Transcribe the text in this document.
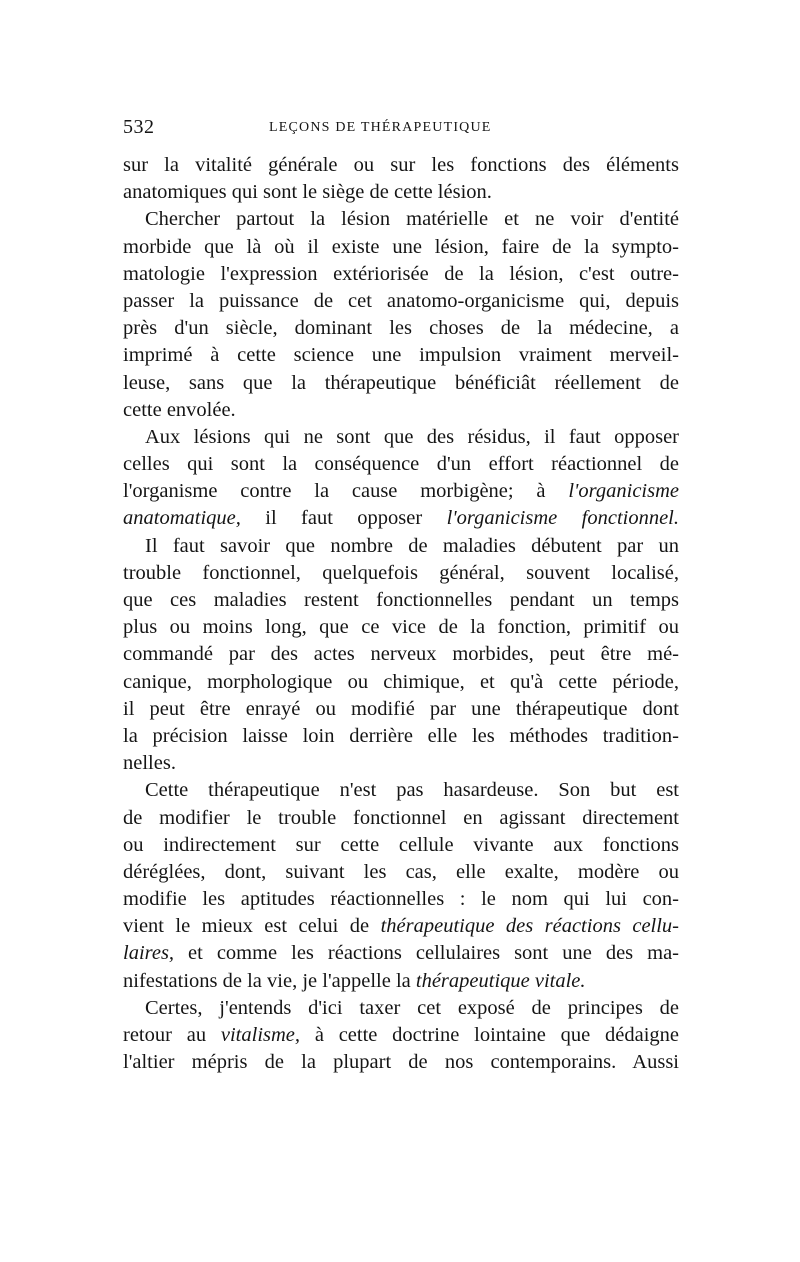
532	LEÇONS DE THÉRAPEUTIQUE
sur la vitalité générale ou sur les fonctions des éléments
anatomiques qui sont le siège de cette lésion.
Chercher partout la lésion matérielle et ne voir d'entité
morbide que là où il existe une lésion, faire de la sympto-
matologie l'expression extériorisée de la lésion, c'est outre-
passer la puissance de cet anatomo-organicisme qui, depuis
près d'un siècle, dominant les choses de la médecine, a
imprimé à cette science une impulsion vraiment merveil-
leuse, sans que la thérapeutique bénéficiât réellement de
cette envolée.
Aux lésions qui ne sont que des résidus, il faut opposer
celles qui sont la conséquence d'un effort réactionnel de
l'organisme contre la cause morbigène; à l'organicisme
anatomatique, il faut opposer l'organicisme fonctionnel.
Il faut savoir que nombre de maladies débutent par un
trouble fonctionnel, quelquefois général, souvent localisé,
que ces maladies restent fonctionnelles pendant un temps
plus ou moins long, que ce vice de la fonction, primitif ou
commandé par des actes nerveux morbides, peut être mé-
canique, morphologique ou chimique, et qu'à cette période,
il peut être enrayé ou modifié par une thérapeutique dont
la précision laisse loin derrière elle les méthodes tradition-
nelles.
Cette thérapeutique n'est pas hasardeuse. Son but est
de modifier le trouble fonctionnel en agissant directement
ou indirectement sur cette cellule vivante aux fonctions
déréglées, dont, suivant les cas, elle exalte, modère ou
modifie les aptitudes réactionnelles : le nom qui lui con-
vient le mieux est celui de thérapeutique des réactions cellu-
laires, et comme les réactions cellulaires sont une des ma-
nifestations de la vie, je l'appelle la thérapeutique vitale.
Certes, j'entends d'ici taxer cet exposé de principes de
retour au vitalisme, à cette doctrine lointaine que dédaigne
l'altier mépris de la plupart de nos contemporains. Aussi
